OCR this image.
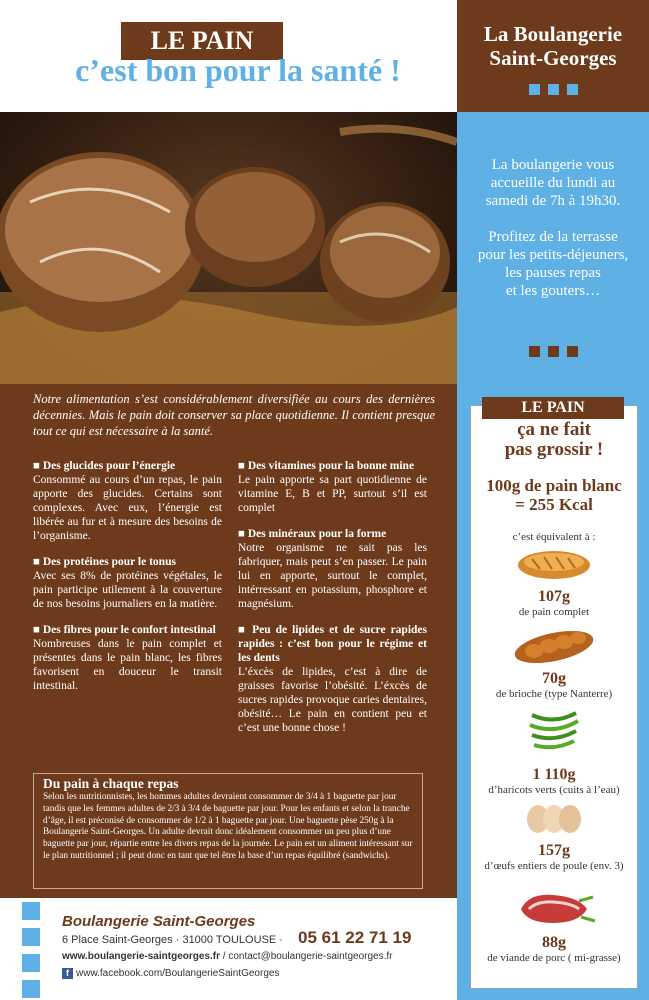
LE PAIN
c’est bon pour la santé !
La Boulangerie
Saint-Georges
La boulangerie vous
accueille du lundi au
samedi de 7h à 19h30.
Profitez de la terrasse
pour les petits-déjeuners,
les pauses repas
et les gouters…
LE PAIN
ça ne fait
pas grossir !
100g de pain blanc
= 255 Kcal
c’est équivalent à :
107g
de pain complet
70g
de brioche (type Nanterre)
1 110g
d’haricots verts (cuits à l’eau)
157g
d’œufs entiers de poule (env. 3)
88g
de viande de porc ( mi-grasse)
Notre alimentation s’est considérablement diversifiée au cours des dernières décennies. Mais le pain doit conserver sa place quotidienne. Il contient presque tout ce qui est nécessaire à la santé.
■ Des glucides pour l’énergie

Consommé au cours d’un repas, le pain apporte des glucides. Certains sont complexes. Avec eux, l’énergie est libérée au fur et à mesure des besoins de l’organisme.

■ Des protéines pour le tonus

Avec ses 8% de protéines végétales, le pain participe utilement à la couverture de nos besoins journaliers en la matière.

■ Des fibres pour le confort intestinal

Nombreuses dans le pain complet et présentes dans le pain blanc, les fibres favorisent en douceur le transit intestinal.

■ Des vitamines pour la bonne mine

Le pain apporte sa part quotidienne de vitamine E, B et PP, surtout s’il est complet

■ Des minéraux pour la forme

Notre organisme ne sait pas les fabriquer, mais peut s’en passer. Le pain lui en apporte, surtout le complet, intérressant en potassium, phosphore et magnésium.

■ Peu de lipides et de sucre rapides rapides : c’est bon pour le régime et les dents

L’éxcès de lipides, c’est à dire de graisses favorise l’obésité. L’éxcès de sucres rapides provoque caries dentaires, obésité… Le pain en contient peu et c’est une bonne chose !

Du pain à chaque repas
Selon les nutritionnistes, les hommes adultes devraient consommer de 3/4 à 1 baguette par jour tandis que les femmes adultes de 2/3 à 3/4 de baguette par jour. Pour les enfants et selon la tranche d’âge, il est préconisé de consommer de 1/2 à 1 baguette par jour. Une baguette pèse 250g à la Boulangerie Saint-Georges. Un adulte devrait donc idéalement consommer un peu plus d’une baguette par jour, répartie entre les divers repas de la journée. Le pain est un aliment intéressant sur le plan nutritionnel ; il peut donc en tant que tel être la base d’un repas équilibré (sandwichs).
Boulangerie Saint-Georges
6 Place Saint-Georges · 31000 TOULOUSE · 05 61 22 71 19
www.boulangerie-saintgeorges.fr / contact@boulangerie-saintgeorges.fr
f www.facebook.com/BoulangerieSaintGeorges
